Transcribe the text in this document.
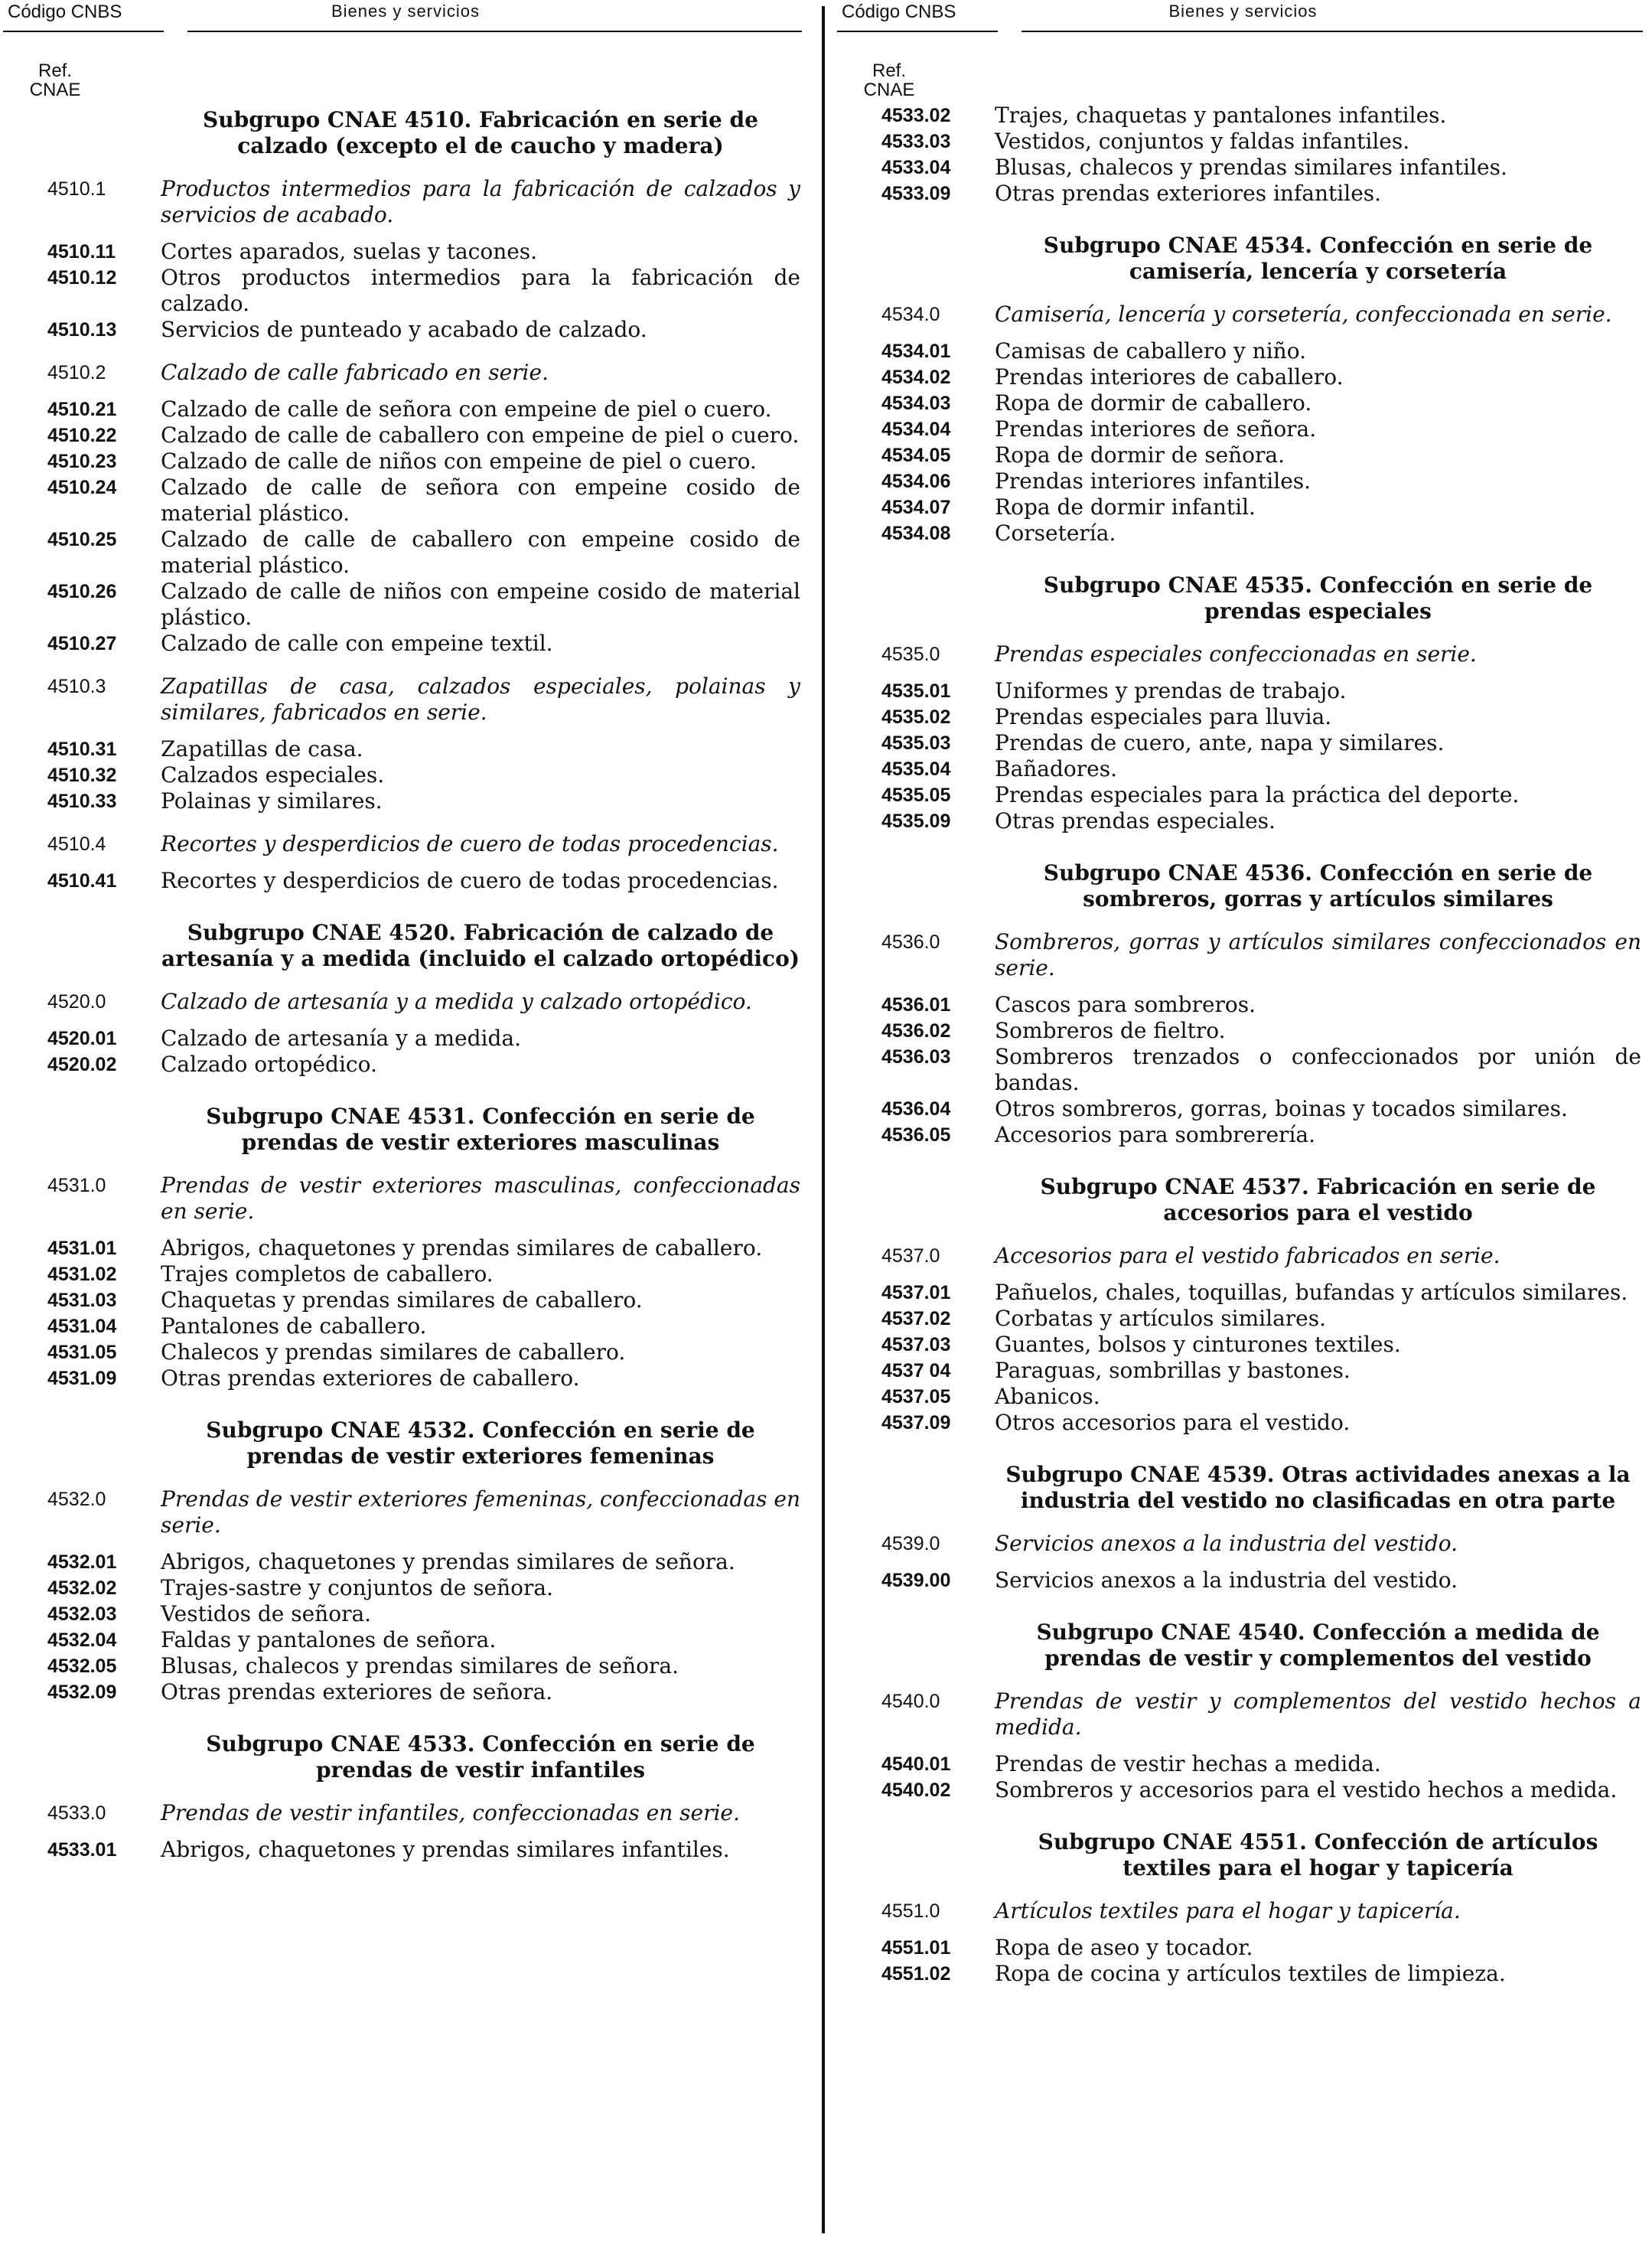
Código CNBS	Bienes y servicios
Ref.
CNAE
Subgrupo CNAE 4510. Fabricación en serie de calzado (excepto el de caucho y madera)
4510.1	Productos intermedios para la fabricación de calzados y servicios de acabado.
4510.11	Cortes aparados, suelas y tacones.
4510.12	Otros productos intermedios para la fabricación de calzado.
4510.13	Servicios de punteado y acabado de calzado.
4510.2	Calzado de calle fabricado en serie.
4510.21	Calzado de calle de señora con empeine de piel o cuero.
4510.22	Calzado de calle de caballero con empeine de piel o cuero.
4510.23	Calzado de calle de niños con empeine de piel o cuero.
4510.24	Calzado de calle de señora con empeine cosido de material plástico.
4510.25	Calzado de calle de caballero con empeine cosido de material plástico.
4510.26	Calzado de calle de niños con empeine cosido de material plástico.
4510.27	Calzado de calle con empeine textil.
4510.3	Zapatillas de casa, calzados especiales, polainas y similares, fabricados en serie.
4510.31	Zapatillas de casa.
4510.32	Calzados especiales.
4510.33	Polainas y similares.
4510.4	Recortes y desperdicios de cuero de todas procedencias.
4510.41	Recortes y desperdicios de cuero de todas procedencias.
Subgrupo CNAE 4520. Fabricación de calzado de artesanía y a medida (incluido el calzado ortopédico)
4520.0	Calzado de artesanía y a medida y calzado ortopédico.
4520.01	Calzado de artesanía y a medida.
4520.02	Calzado ortopédico.
Subgrupo CNAE 4531. Confección en serie de prendas de vestir exteriores masculinas
4531.0	Prendas de vestir exteriores masculinas, confeccionadas en serie.
4531.01	Abrigos, chaquetones y prendas similares de caballero.
4531.02	Trajes completos de caballero.
4531.03	Chaquetas y prendas similares de caballero.
4531.04	Pantalones de caballero.
4531.05	Chalecos y prendas similares de caballero.
4531.09	Otras prendas exteriores de caballero.
Subgrupo CNAE 4532. Confección en serie de prendas de vestir exteriores femeninas
4532.0	Prendas de vestir exteriores femeninas, confeccionadas en serie.
4532.01	Abrigos, chaquetones y prendas similares de señora.
4532.02	Trajes-sastre y conjuntos de señora.
4532.03	Vestidos de señora.
4532.04	Faldas y pantalones de señora.
4532.05	Blusas, chalecos y prendas similares de señora.
4532.09	Otras prendas exteriores de señora.
Subgrupo CNAE 4533. Confección en serie de prendas de vestir infantiles
4533.0	Prendas de vestir infantiles, confeccionadas en serie.
4533.01	Abrigos, chaquetones y prendas similares infantiles.
Código CNBS	Bienes y servicios
Ref.
CNAE
4533.02	Trajes, chaquetas y pantalones infantiles.
4533.03	Vestidos, conjuntos y faldas infantiles.
4533.04	Blusas, chalecos y prendas similares infantiles.
4533.09	Otras prendas exteriores infantiles.
Subgrupo CNAE 4534. Confección en serie de camisería, lencería y corsetería
4534.0	Camisería, lencería y corsetería, confeccionada en serie.
4534.01	Camisas de caballero y niño.
4534.02	Prendas interiores de caballero.
4534.03	Ropa de dormir de caballero.
4534.04	Prendas interiores de señora.
4534.05	Ropa de dormir de señora.
4534.06	Prendas interiores infantiles.
4534.07	Ropa de dormir infantil.
4534.08	Corsetería.
Subgrupo CNAE 4535. Confección en serie de prendas especiales
4535.0	Prendas especiales confeccionadas en serie.
4535.01	Uniformes y prendas de trabajo.
4535.02	Prendas especiales para lluvia.
4535.03	Prendas de cuero, ante, napa y similares.
4535.04	Bañadores.
4535.05	Prendas especiales para la práctica del deporte.
4535.09	Otras prendas especiales.
Subgrupo CNAE 4536. Confección en serie de sombreros, gorras y artículos similares
4536.0	Sombreros, gorras y artículos similares confeccionados en serie.
4536.01	Cascos para sombreros.
4536.02	Sombreros de fieltro.
4536.03	Sombreros trenzados o confeccionados por unión de bandas.
4536.04	Otros sombreros, gorras, boinas y tocados similares.
4536.05	Accesorios para sombrerería.
Subgrupo CNAE 4537. Fabricación en serie de accesorios para el vestido
4537.0	Accesorios para el vestido fabricados en serie.
4537.01	Pañuelos, chales, toquillas, bufandas y artículos similares.
4537.02	Corbatas y artículos similares.
4537.03	Guantes, bolsos y cinturones textiles.
4537 04	Paraguas, sombrillas y bastones.
4537.05	Abanicos.
4537.09	Otros accesorios para el vestido.
Subgrupo CNAE 4539. Otras actividades anexas a la industria del vestido no clasificadas en otra parte
4539.0	Servicios anexos a la industria del vestido.
4539.00	Servicios anexos a la industria del vestido.
Subgrupo CNAE 4540. Confección a medida de prendas de vestir y complementos del vestido
4540.0	Prendas de vestir y complementos del vestido hechos a medida.
4540.01	Prendas de vestir hechas a medida.
4540.02	Sombreros y accesorios para el vestido hechos a medida.
Subgrupo CNAE 4551. Confección de artículos textiles para el hogar y tapicería
4551.0	Artículos textiles para el hogar y tapicería.
4551.01	Ropa de aseo y tocador.
4551.02	Ropa de cocina y artículos textiles de limpieza.
